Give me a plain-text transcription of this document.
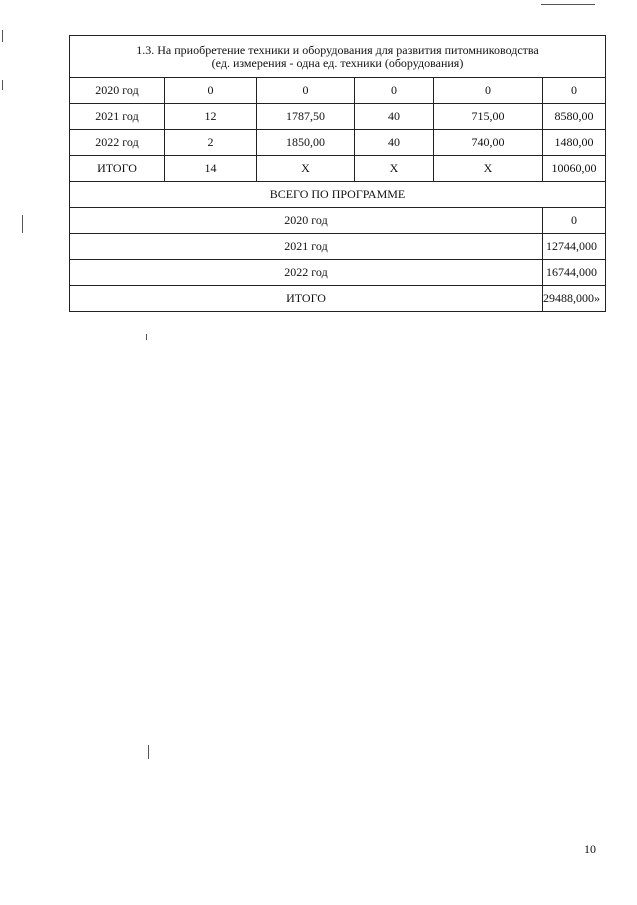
1.3. На приобретение техники и оборудования для развития питомниководства
(ед. измерения - одна ед. техники (оборудования)					

2020 год	0	0	0	0	0
2021 год	12	1787,50	40	715,00	8580,00
2022 год	2	1850,00	40	740,00	1480,00
ИТОГО	14	Х	Х	Х	10060,00
ВСЕГО ПО ПРОГРАММЕ					
2020 год					0
2021 год					12744,000
2022 год					16744,000
ИТОГО					29488,000»
10
